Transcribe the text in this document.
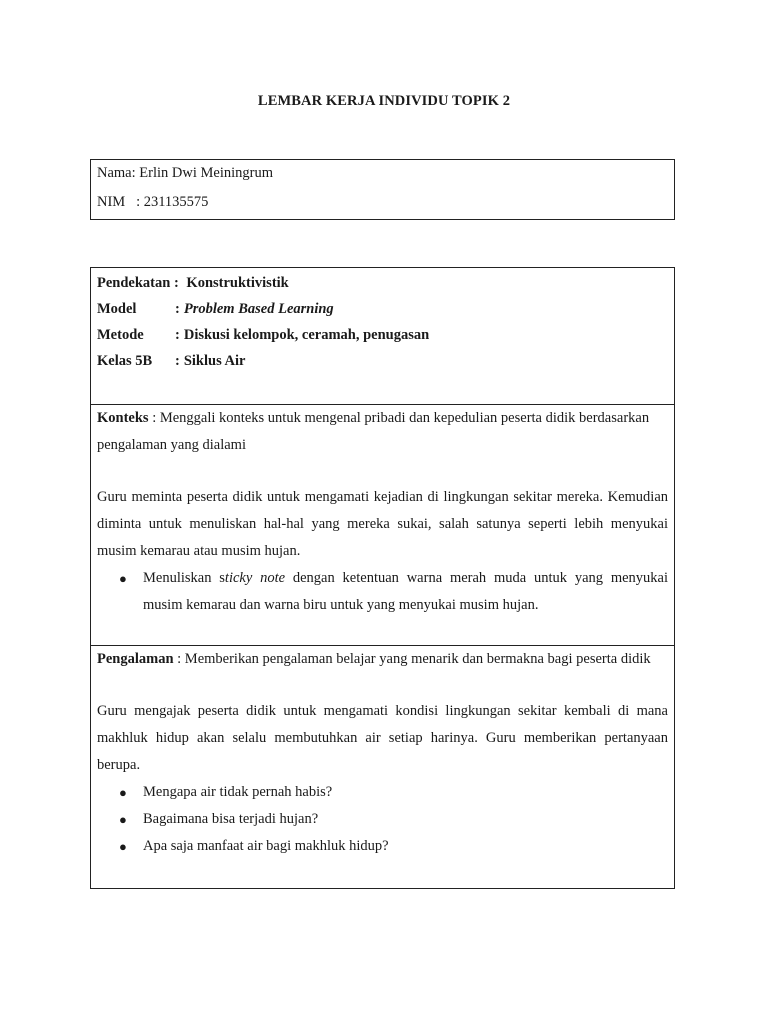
LEMBAR KERJA INDIVIDU TOPIK 2
Nama: Erlin Dwi Meiningrum
NIM   : 231135575
Pendekatan : Konstruktivistik
Model	: Problem Based Learning
Metode	: Diskusi kelompok, ceramah, penugasan
Kelas 5B	: Siklus Air

Konteks : Menggali konteks untuk mengenal pribadi dan kepedulian peserta didik berdasarkan pengalaman yang dialami

Guru meminta peserta didik untuk mengamati kejadian di lingkungan sekitar mereka. Kemudian diminta untuk menuliskan hal-hal yang mereka sukai, salah satunya seperti lebih menyukai musim kemarau atau musim hujan.

● Menuliskan sticky note dengan ketentuan warna merah muda untuk yang menyukai musim kemarau dan warna biru untuk yang menyukai musim hujan.

Pengalaman : Memberikan pengalaman belajar yang menarik dan bermakna bagi peserta didik

Guru mengajak peserta didik untuk mengamati kondisi lingkungan sekitar kembali di mana makhluk hidup akan selalu membutuhkan air setiap harinya. Guru memberikan pertanyaan berupa.

● Mengapa air tidak pernah habis?
● Bagaimana bisa terjadi hujan?
● Apa saja manfaat air bagi makhluk hidup?
